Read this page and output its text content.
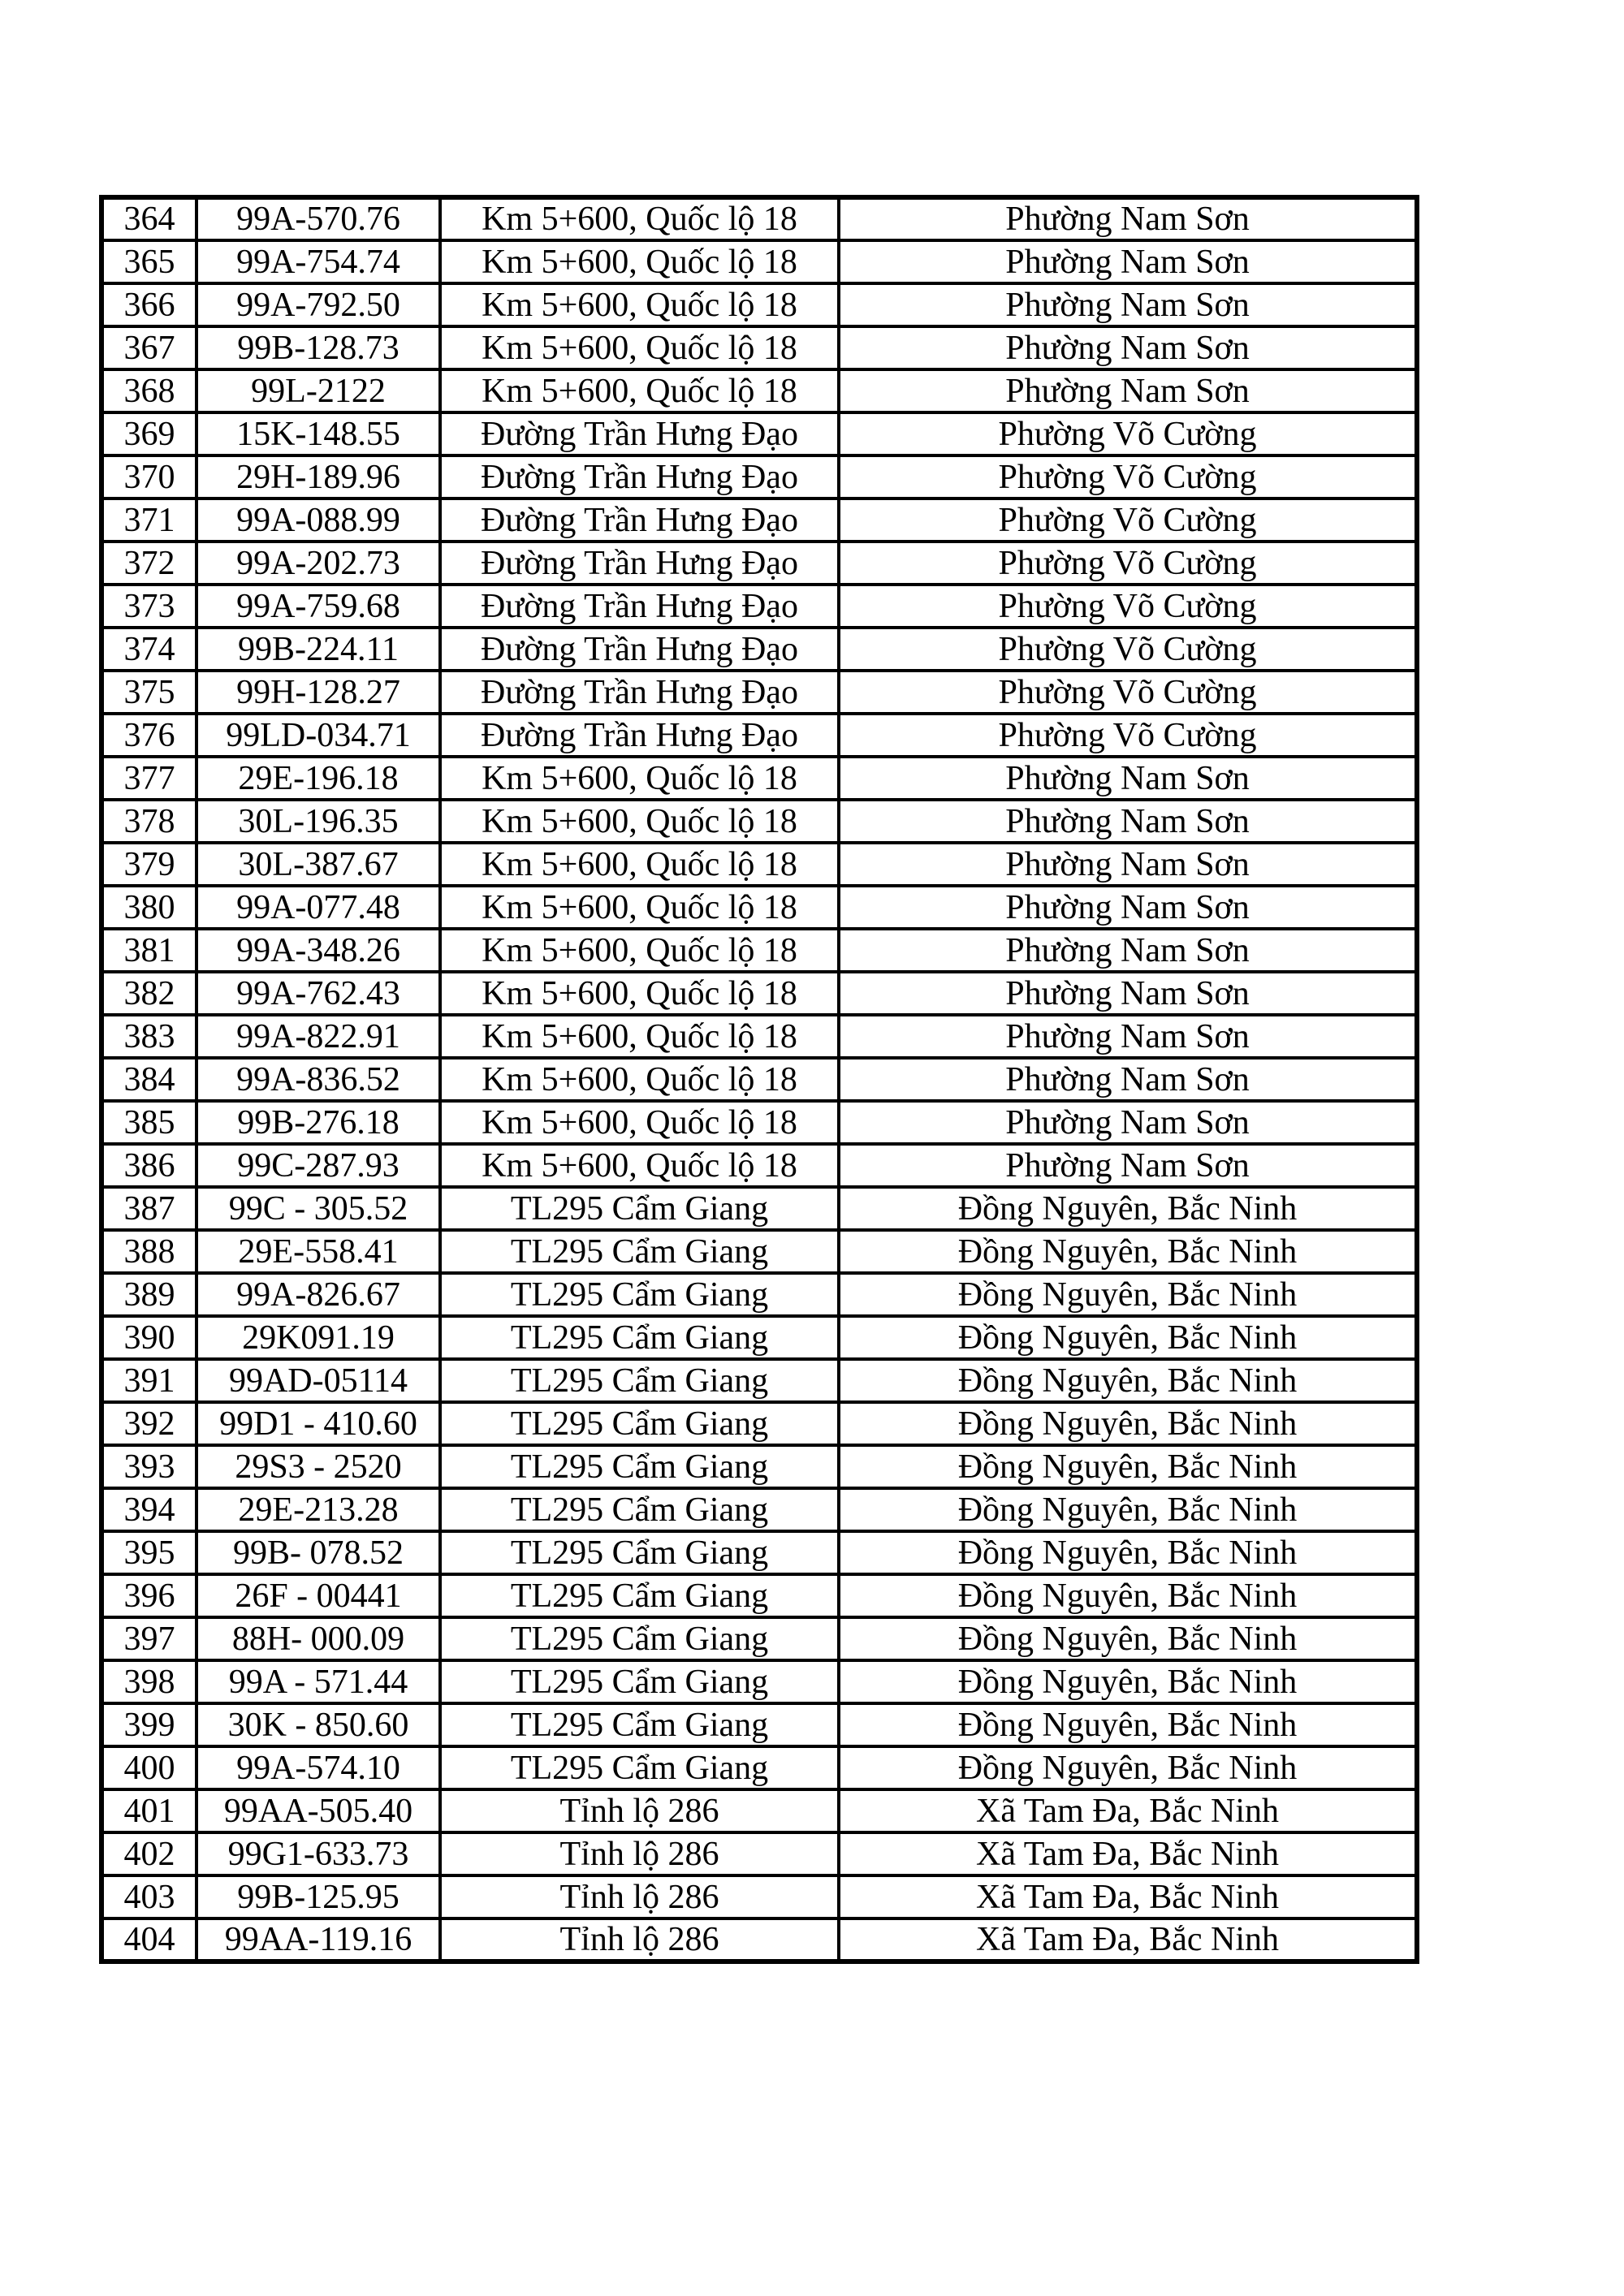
364	99A-570.76	Km 5+600, Quốc lộ 18	Phường Nam Sơn
365	99A-754.74	Km 5+600, Quốc lộ 18	Phường Nam Sơn
366	99A-792.50	Km 5+600, Quốc lộ 18	Phường Nam Sơn
367	99B-128.73	Km 5+600, Quốc lộ 18	Phường Nam Sơn
368	99L-2122	Km 5+600, Quốc lộ 18	Phường Nam Sơn
369	15K-148.55	Đường Trần Hưng Đạo	Phường Võ Cường
370	29H-189.96	Đường Trần Hưng Đạo	Phường Võ Cường
371	99A-088.99	Đường Trần Hưng Đạo	Phường Võ Cường
372	99A-202.73	Đường Trần Hưng Đạo	Phường Võ Cường
373	99A-759.68	Đường Trần Hưng Đạo	Phường Võ Cường
374	99B-224.11	Đường Trần Hưng Đạo	Phường Võ Cường
375	99H-128.27	Đường Trần Hưng Đạo	Phường Võ Cường
376	99LD-034.71	Đường Trần Hưng Đạo	Phường Võ Cường
377	29E-196.18	Km 5+600, Quốc lộ 18	Phường Nam Sơn
378	30L-196.35	Km 5+600, Quốc lộ 18	Phường Nam Sơn
379	30L-387.67	Km 5+600, Quốc lộ 18	Phường Nam Sơn
380	99A-077.48	Km 5+600, Quốc lộ 18	Phường Nam Sơn
381	99A-348.26	Km 5+600, Quốc lộ 18	Phường Nam Sơn
382	99A-762.43	Km 5+600, Quốc lộ 18	Phường Nam Sơn
383	99A-822.91	Km 5+600, Quốc lộ 18	Phường Nam Sơn
384	99A-836.52	Km 5+600, Quốc lộ 18	Phường Nam Sơn
385	99B-276.18	Km 5+600, Quốc lộ 18	Phường Nam Sơn
386	99C-287.93	Km 5+600, Quốc lộ 18	Phường Nam Sơn
387	99C - 305.52	TL295 Cẩm Giang	Đồng Nguyên, Bắc Ninh
388	29E-558.41	TL295 Cẩm Giang	Đồng Nguyên, Bắc Ninh
389	99A-826.67	TL295 Cẩm Giang	Đồng Nguyên, Bắc Ninh
390	29K091.19	TL295 Cẩm Giang	Đồng Nguyên, Bắc Ninh
391	99AD-05114	TL295 Cẩm Giang	Đồng Nguyên, Bắc Ninh
392	99D1 - 410.60	TL295 Cẩm Giang	Đồng Nguyên, Bắc Ninh
393	29S3 - 2520	TL295 Cẩm Giang	Đồng Nguyên, Bắc Ninh
394	29E-213.28	TL295 Cẩm Giang	Đồng Nguyên, Bắc Ninh
395	99B- 078.52	TL295 Cẩm Giang	Đồng Nguyên, Bắc Ninh
396	26F - 00441	TL295 Cẩm Giang	Đồng Nguyên, Bắc Ninh
397	88H- 000.09	TL295 Cẩm Giang	Đồng Nguyên, Bắc Ninh
398	99A - 571.44	TL295 Cẩm Giang	Đồng Nguyên, Bắc Ninh
399	30K - 850.60	TL295 Cẩm Giang	Đồng Nguyên, Bắc Ninh
400	99A-574.10	TL295 Cẩm Giang	Đồng Nguyên, Bắc Ninh
401	99AA-505.40	Tỉnh lộ 286	Xã Tam Đa, Bắc Ninh
402	99G1-633.73	Tỉnh lộ 286	Xã Tam Đa, Bắc Ninh
403	99B-125.95	Tỉnh lộ 286	Xã Tam Đa, Bắc Ninh
404	99AA-119.16	Tỉnh lộ 286	Xã Tam Đa, Bắc Ninh
